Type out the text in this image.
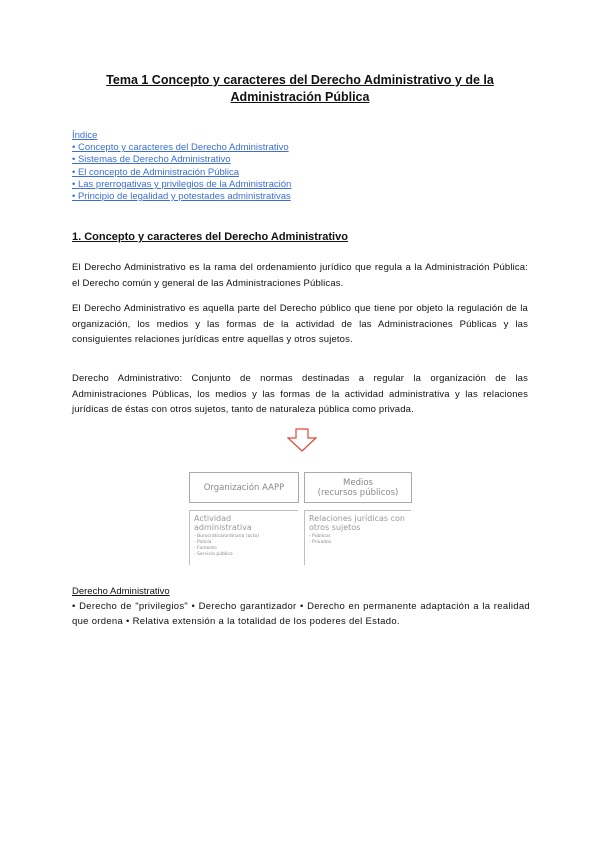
Tema 1 Concepto y caracteres del Derecho Administrativo y de la
Administración Pública
Índice
• Concepto y caracteres del Derecho Administrativo
• Sistemas de Derecho Administrativo
• El concepto de Administración Pública
• Las prerrogativas y privilegios de la Administración
• Principio de legalidad y potestades administrativas
1. Concepto y caracteres del Derecho Administrativo
El Derecho Administrativo es la rama del ordenamiento jurídico que regula a la Administración Pública: el Derecho común y general de las Administraciones Públicas.
El Derecho Administrativo es aquella parte del Derecho público que tiene por objeto la regulación de la organización, los medios y las formas de la actividad de las Administraciones Públicas y las consiguientes relaciones jurídicas entre aquellas y otros sujetos.
Derecho Administrativo: Conjunto de normas destinadas a regular la organización de las Administraciones Públicas, los medios y las formas de la actividad administrativa y las relaciones jurídicas de éstas con otros sujetos, tanto de naturaleza pública como privada.
Organización AAPP	Medios
(recursos públicos)
Actividad
administrativa
- Burocrática/ordinaria (acto)
- Policía
- Fomento
- Servicio público
Relaciones jurídicas con
otros sujetos
- Públicos
- Privados
Derecho Administrativo
• Derecho de "privilegios" • Derecho garantizador • Derecho en permanente adaptación a la realidad que ordena • Relativa extensión a la totalidad de los poderes del Estado.
